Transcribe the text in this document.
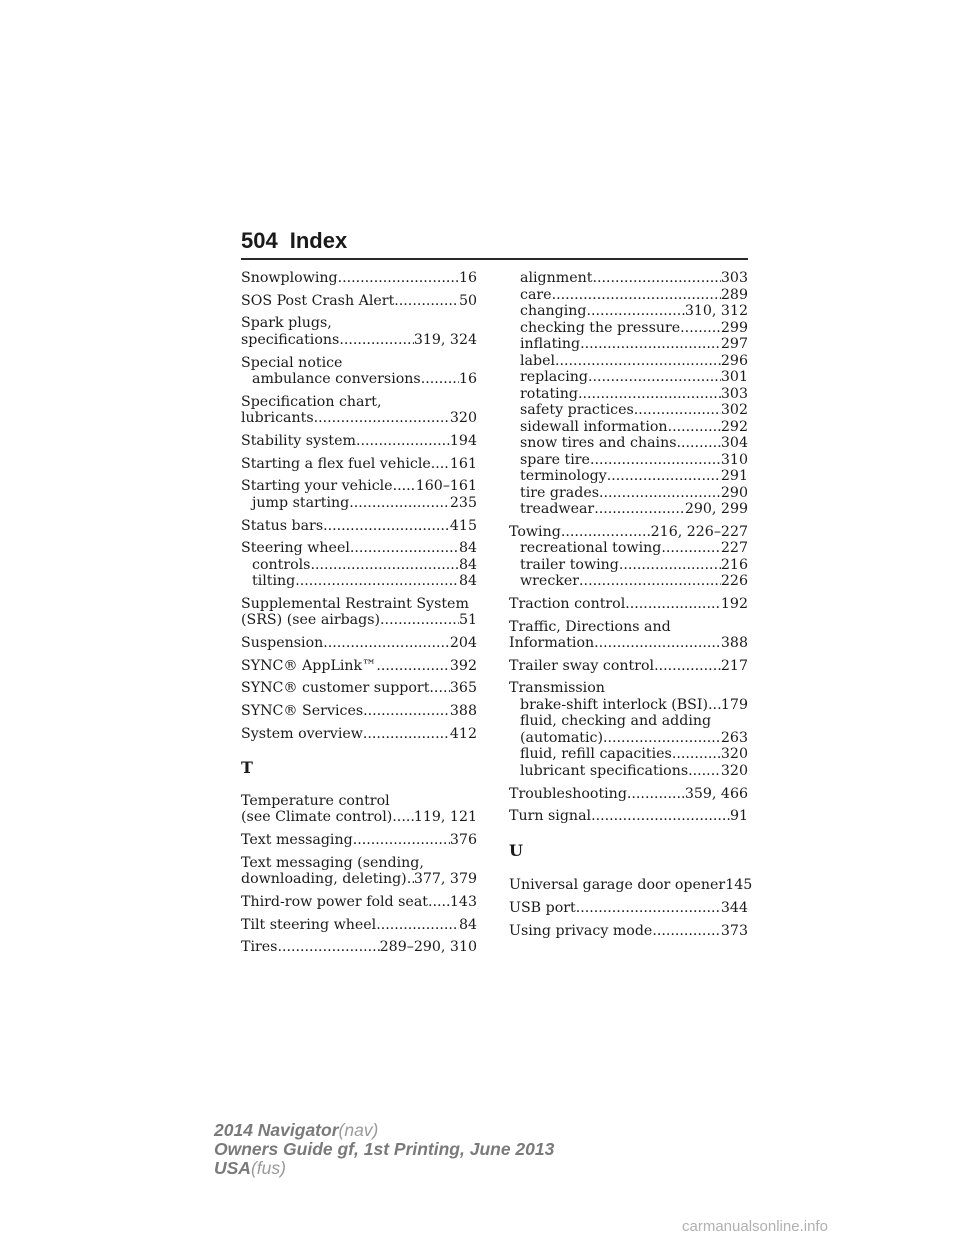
504 Index
Snowplowing .....	16
SOS Post Crash Alert .....	50
Spark plugs,
specifications .....	319, 324
Special notice
ambulance conversions .....	16
Specification chart,
lubricants .....	320
Stability system .....	194
Starting a flex fuel vehicle ..... 161
Starting your vehicle ..... 160–161
jump starting .....	235
Status bars .....	415
Steering wheel .....	84
controls .....	84
tilting .....	84
Supplemental Restraint System
(SRS) (see airbags) .....	51
Suspension .....	204
SYNC® AppLink™ .....	392
SYNC® customer support ..... 365
SYNC® Services .....	388
System overview .....	412
T
Temperature control
(see Climate control) ..... 119, 121
Text messaging .....	376
Text messaging (sending,
downloading, deleting) ..... 377, 379
Third-row power fold seat ..... 143
Tilt steering wheel .....	84
Tires .....	289–290, 310
alignment .....	303
care .....	289
changing .....	310, 312
checking the pressure .....	299
inflating .....	297
label .....	296
replacing .....	301
rotating .....	303
safety practices .....	302
sidewall information .....	292
snow tires and chains .....	304
spare tire .....	310
terminology .....	291
tire grades .....	290
treadwear .....	290, 299
Towing .....	216, 226–227
recreational towing .....	227
trailer towing .....	216
wrecker .....	226
Traction control .....	192
Traffic, Directions and
Information .....	388
Trailer sway control .....	217
Transmission
brake-shift interlock (BSI) ..... 179
fluid, checking and adding
(automatic) .....	263
fluid, refill capacities .....	320
lubricant specifications ..... 320
Troubleshooting .....	359, 466
Turn signal .....	91
U
Universal garage door opener 145
USB port .....	344
Using privacy mode .....	373
2014 Navigator(nav)
Owners Guide gf, 1st Printing, June 2013
USA(fus)
carmanualsonline.info
